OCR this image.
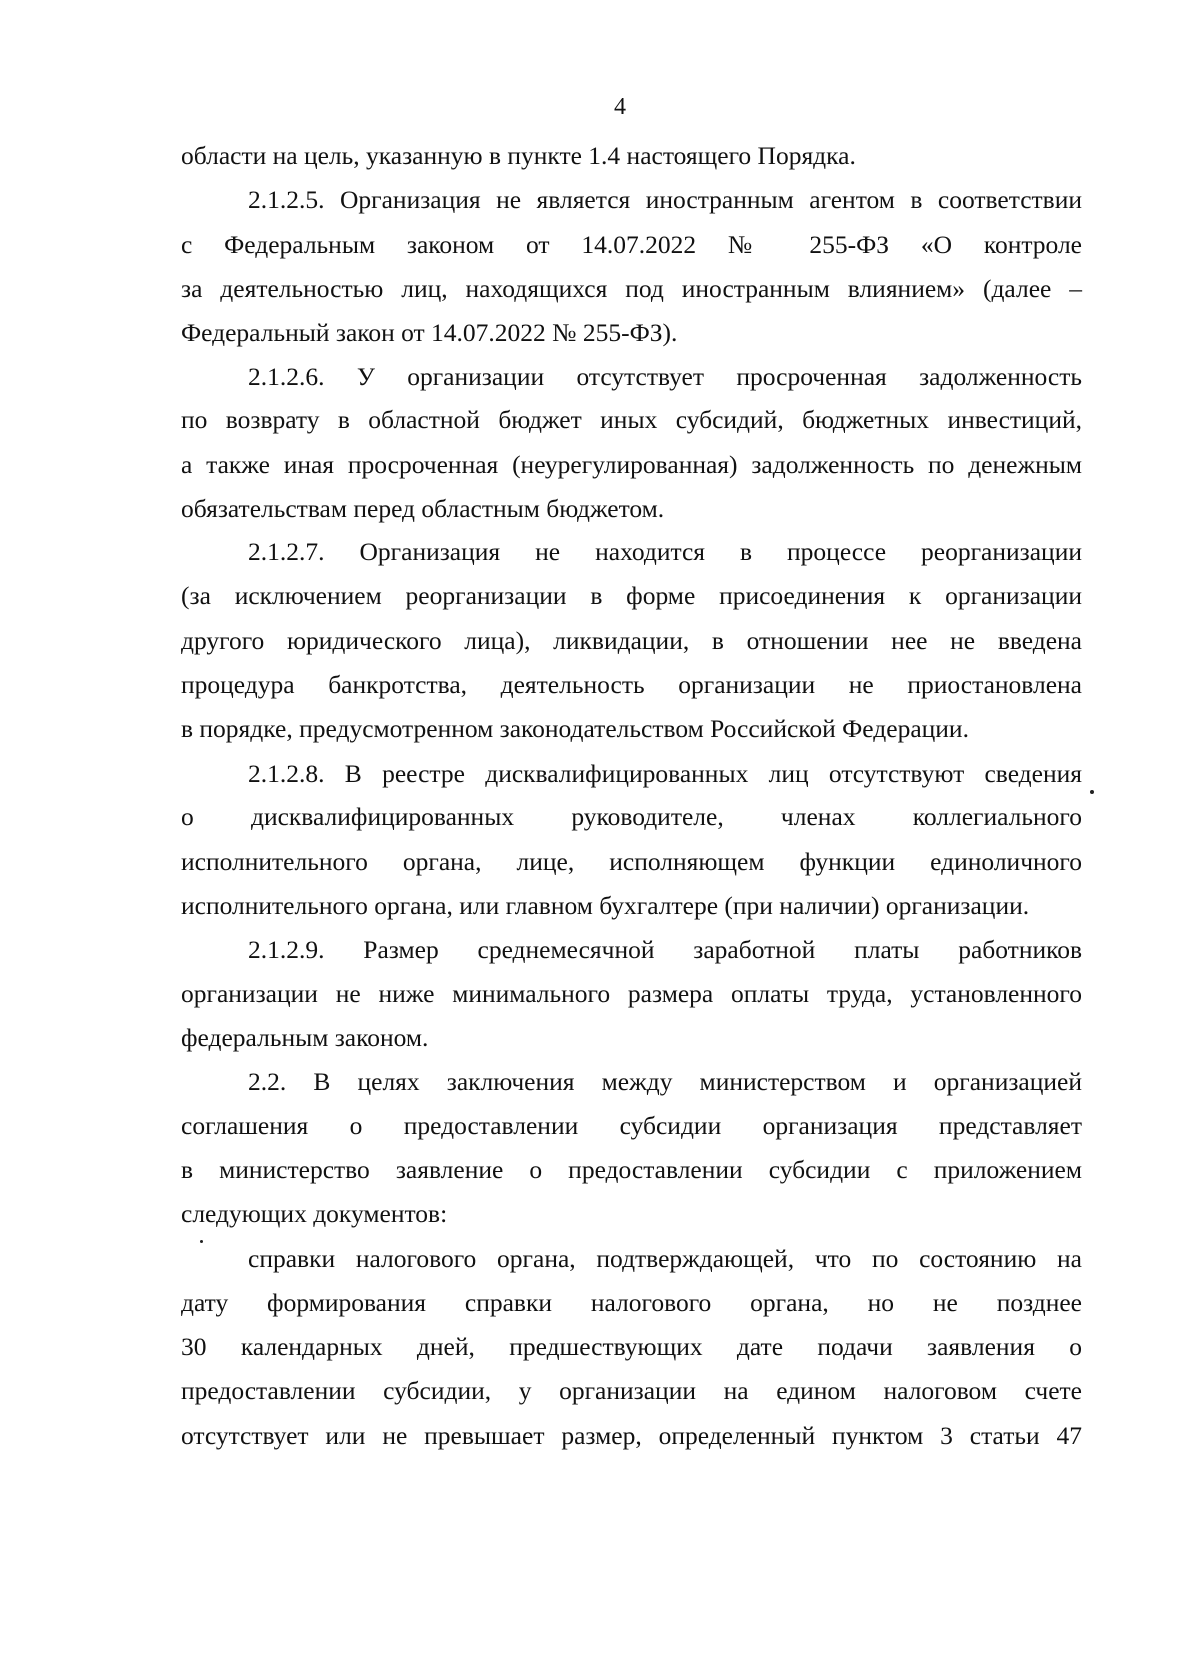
4
области на цель, указанную в пункте 1.4 настоящего Порядка.
2.1.2.5. Организация не является иностранным агентом в соответствии
с Федеральным законом от 14.07.2022 № 255-ФЗ «О контроле
за деятельностью лиц, находящихся под иностранным влиянием» (далее –
Федеральный закон от 14.07.2022 № 255-ФЗ).
2.1.2.6. У организации отсутствует просроченная задолженность
по возврату в областной бюджет иных субсидий, бюджетных инвестиций,
а также иная просроченная (неурегулированная) задолженность по денежным
обязательствам перед областным бюджетом.
2.1.2.7. Организация не находится в процессе реорганизации
(за исключением реорганизации в форме присоединения к организации
другого юридического лица), ликвидации, в отношении нее не введена
процедура банкротства, деятельность организации не приостановлена
в порядке, предусмотренном законодательством Российской Федерации.
2.1.2.8. В реестре дисквалифицированных лиц отсутствуют сведения
о дисквалифицированных руководителе, членах коллегиального
исполнительного органа, лице, исполняющем функции единоличного
исполнительного органа, или главном бухгалтере (при наличии) организации.
2.1.2.9. Размер среднемесячной заработной платы работников
организации не ниже минимального размера оплаты труда, установленного
федеральным законом.
2.2. В целях заключения между министерством и организацией
соглашения о предоставлении субсидии организация представляет
в министерство заявление о предоставлении субсидии с приложением
следующих документов:
справки налогового органа, подтверждающей, что по состоянию на
дату формирования справки налогового органа, но не позднее
30 календарных дней, предшествующих дате подачи заявления о
предоставлении субсидии, у организации на едином налоговом счете
отсутствует или не превышает размер, определенный пунктом 3 статьи 47
